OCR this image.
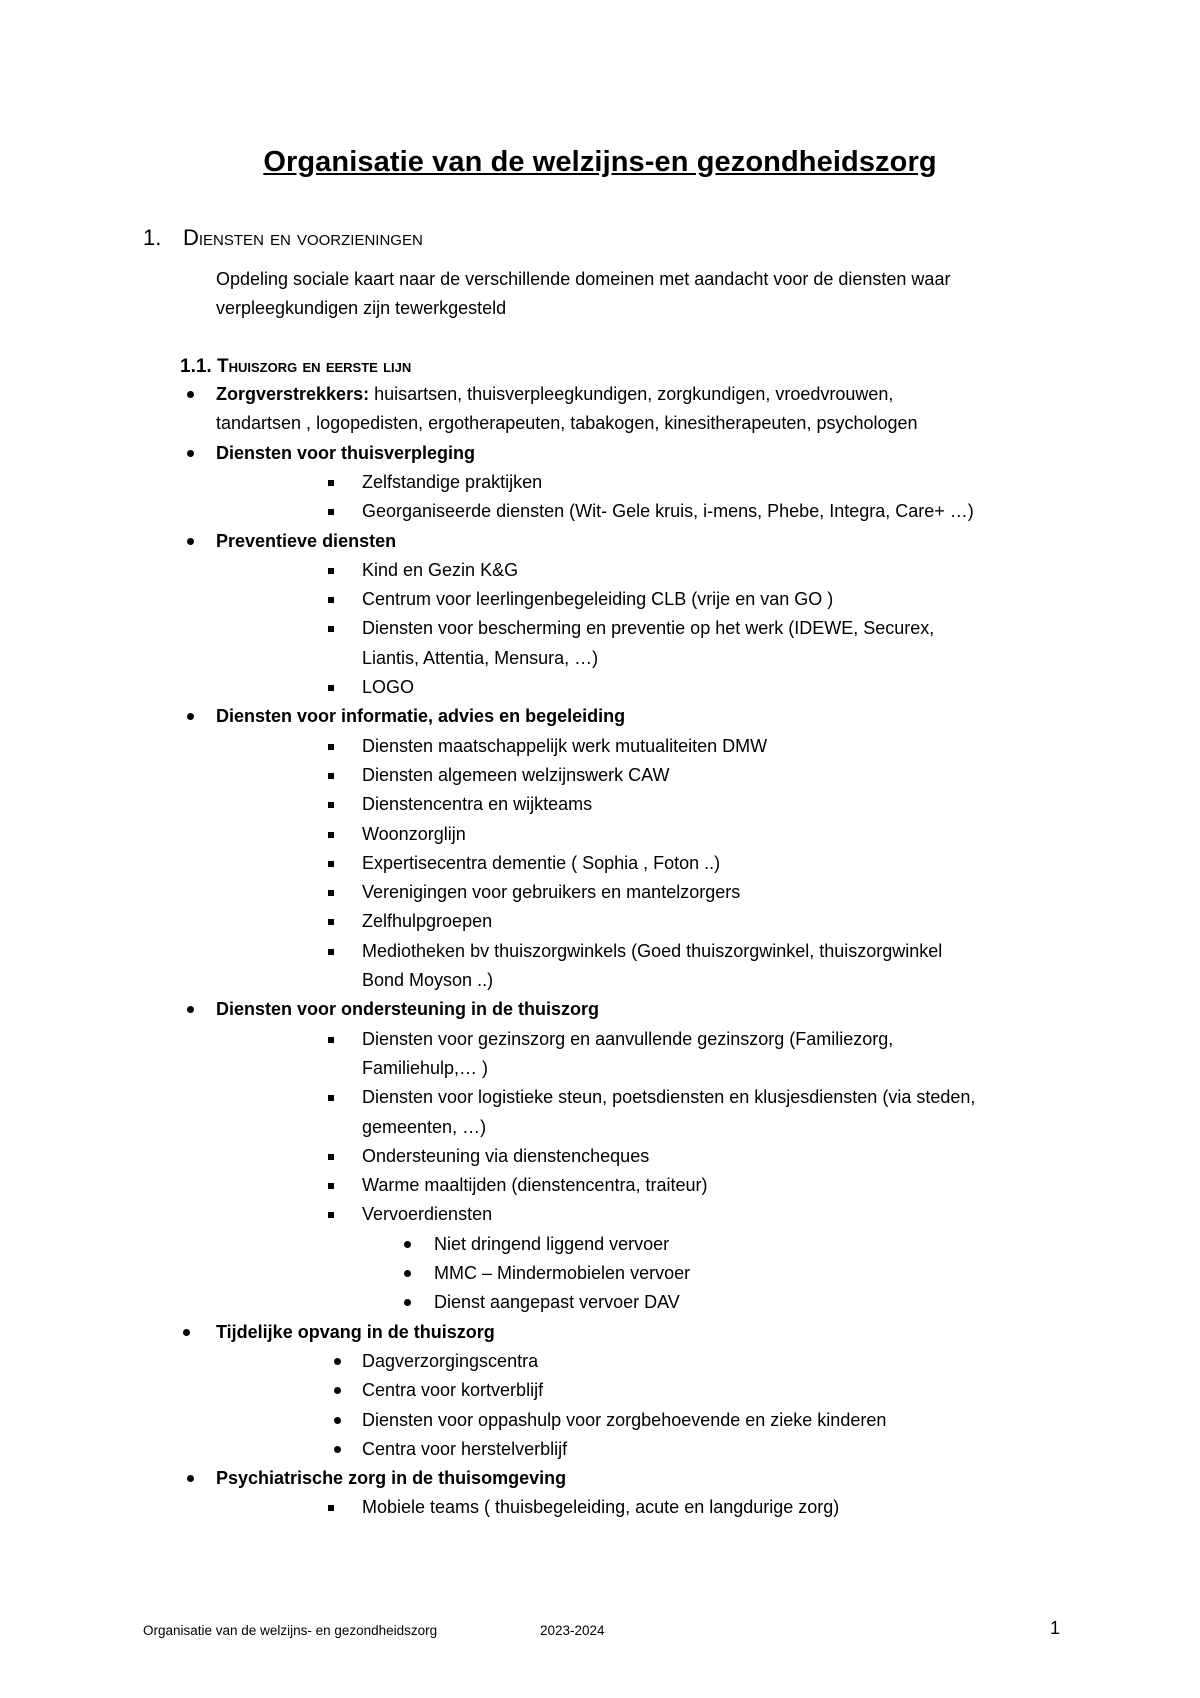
Organisatie van de welzijns-en gezondheidszorg
1. Diensten en voorzieningen
Opdeling sociale kaart naar de verschillende domeinen met aandacht voor de diensten waar
verpleegkundigen zijn tewerkgesteld
1.1. Thuiszorg en eerste lijn
Zorgverstrekkers: huisartsen, thuisverpleegkundigen, zorgkundigen, vroedvrouwen,
tandartsen , logopedisten, ergotherapeuten, tabakogen, kinesitherapeuten, psychologen
Diensten voor thuisverpleging
Zelfstandige praktijken
Georganiseerde diensten (Wit- Gele kruis, i-mens, Phebe, Integra, Care+ …)
Preventieve diensten
Kind en Gezin K&G
Centrum voor leerlingenbegeleiding CLB (vrije en van GO )
Diensten voor bescherming en preventie op het werk (IDEWE, Securex,
Liantis, Attentia, Mensura, …)
LOGO
Diensten voor informatie, advies en begeleiding
Diensten maatschappelijk werk mutualiteiten DMW
Diensten algemeen welzijnswerk CAW
Dienstencentra en wijkteams
Woonzorglijn
Expertisecentra dementie ( Sophia , Foton ..)
Verenigingen voor gebruikers en mantelzorgers
Zelfhulpgroepen
Mediotheken bv thuiszorgwinkels (Goed thuiszorgwinkel, thuiszorgwinkel
Bond Moyson ..)
Diensten voor ondersteuning in de thuiszorg
Diensten voor gezinszorg en aanvullende gezinszorg (Familiezorg,
Familiehulp,… )
Diensten voor logistieke steun, poetsdiensten en klusjesdiensten (via steden,
gemeenten, …)
Ondersteuning via dienstencheques
Warme maaltijden (dienstencentra, traiteur)
Vervoerdiensten
Niet dringend liggend vervoer
MMC – Mindermobielen vervoer
Dienst aangepast vervoer DAV
Tijdelijke opvang in de thuiszorg
Dagverzorgingscentra
Centra voor kortverblijf
Diensten voor oppashulp voor zorgbehoevende en zieke kinderen
Centra voor herstelverblijf
Psychiatrische zorg in de thuisomgeving
Mobiele teams ( thuisbegeleiding, acute en langdurige zorg)
Organisatie van de welzijns- en gezondheidszorg	2023-2024	1
